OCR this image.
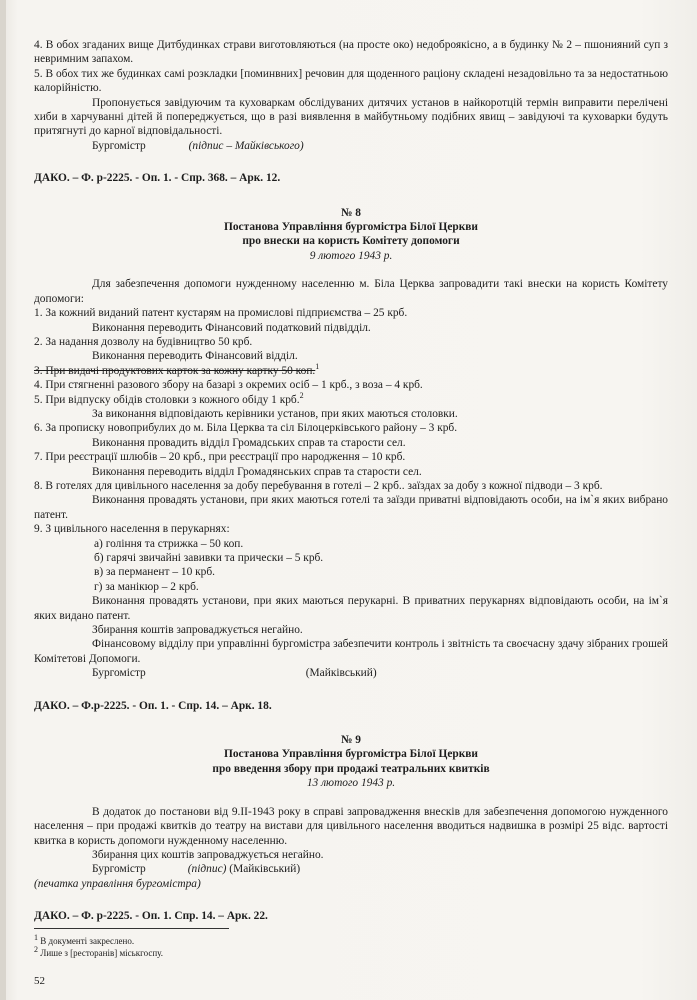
4. В обох згаданих вище Дитбудинках страви виготовляються (на просте око) недоброякісно, а в будинку № 2 – пшонияний суп з невримним запахом.

5. В обох тих же будинках самі розкладки [поминвних] речовин для щоденного раціону складені незадовільно та за недостатньою калорійністю.

Пропонується завідуючим та куховаркам обслідуваних дитячих установ в найкоротцій термін виправити перелічені хиби в харчуванні дітей й попереджується, що в разі виявлення в майбутньому подібних явищ – завідуючі та куховарки будуть притягнуті до карної відповідальності.

Бургомістр	(підпис – Майківського)

ДАКО. – Ф. р-2225. - Оп. 1. - Спр. 368. – Арк. 12.

№ 8

Постанова Управління бургомістра Білої Церкви

про внески на користь Комітету допомоги

9 лютого 1943 р.

Для забезпечення допомоги нужденному населенню м. Біла Церква запровадити такі внески на користь Комітету допомоги:

1. За кожний виданий патент кустарям на промислові підприємства – 25 крб.

Виконання переводить Фінансовий податковий підвідділ.

2. За надання дозволу на будівництво 50 крб.

Виконання переводить Фінансовий відділ.

3. При видачі продуктових карток за кожну картку 50 коп.$^1$

4. При стягненні разового збору на базарі з окремих осіб – 1 крб., з воза – 4 крб.

5. При відпуску обідів столовки з кожного обіду 1 крб.$^2$

За виконання відповідають керівники установ, при яких маються столовки.

6. За прописку новоприбулих до м. Біла Церква та сіл Білоцерківського району – 3 крб.

Виконання провадить відділ Громадських справ та старости сел.

7. При реєстрації шлюбів – 20 крб., при реєстрації про народження – 10 крб.

Виконання переводить відділ Громадянських справ та старости сел.

8. В готелях для цивільного населення за добу перебування в готелі – 2 крб.. заїздах за добу з кожної підводи – 3 крб.

Виконання провадять установи, при яких маються готелі та заїзди приватні відповідають особи, на ім`я яких вибрано патент.

9. З цивільного населення в перукарнях:

а) гоління та стрижка – 50 коп.

б) гарячі звичайні завивки та прически – 5 крб.

в) за перманент – 10 крб.

г) за манікюр – 2 крб.

Виконання провадять установи, при яких маються перукарні. В приватних перукарнях відповідають особи, на ім`я яких видано патент.

Збирання коштів запроваджується негайно.

Фінансовому відділу при управлінні бургомістра забезпечити контроль і звітність та своєчасну здачу зібраних грошей Комітетові Допомоги.

Бургомістр	(Майківський)

ДАКО. – Ф.р-2225. - Оп. 1. - Спр. 14. – Арк. 18.

№ 9

Постанова Управління бургомістра Білої Церкви

про введення збору при продажі театральних квитків

13 лютого 1943 р.

В додаток до постанови від 9.ІІ-1943 року в справі запровадження внесків для забезпечення допомогою нужденного населення – при продажі квитків до театру на вистави для цивільного населення вводиться надвишка в розмірі 25 відс. вартості квитка в користь допомоги нужденному населенню.

Збирання цих коштів запроваджується негайно.

Бургомістр	(підпис) (Майківський)

(печатка управління бургомістра)

ДАКО. – Ф. р-2225. - Оп. 1. Спр. 14. – Арк. 22.

$^1$ В документі закреслено.

$^2$ Лише з [ресторанів] міськгоспу.

52
